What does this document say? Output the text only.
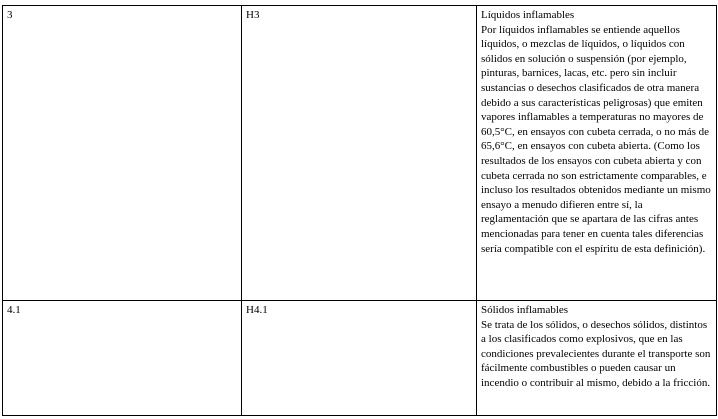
3	H3	Líquidos inflamables
Por líquidos inflamables se entiende aquellos líquidos, o mezclas de líquidos, o líquidos con sólidos en solución o suspensión (por ejemplo, pinturas, barnices, lacas, etc. pero sin incluir sustancias o desechos clasificados de otra manera debido a sus características peligrosas) que emiten vapores inflamables a temperaturas no mayores de 60,5°C, en ensayos con cubeta cerrada, o no más de 65,6°C, en ensayos con cubeta abierta. (Como los resultados de los ensayos con cubeta abierta y con cubeta cerrada no son estrictamente comparables, e incluso los resultados obtenidos mediante un mismo ensayo a menudo difieren entre sí, la reglamentación que se apartara de las cifras antes mencionadas para tener en cuenta tales diferencias sería compatible con el espíritu de esta definición).

4.1	H4.1	Sólidos inflamables
Se trata de los sólidos, o desechos sólidos, distintos a los clasificados como explosivos, que en las condiciones prevalecientes durante el transporte son fácilmente combustibles o pueden causar un incendio o contribuir al mismo, debido a la fricción.
